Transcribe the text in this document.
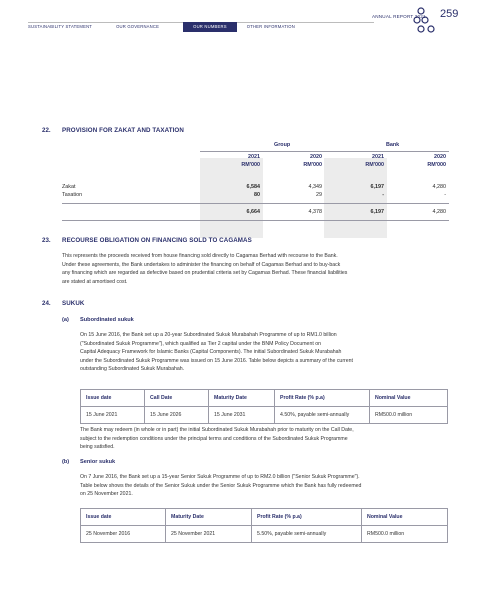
SUSTAINABILITY STATEMENT	OUR GOVERNANCE	OUR NUMBERS	OTHER INFORMATION
ANNUAL REPORT 2021 259
22. PROVISION FOR ZAKAT AND TAXATION
Group	Bank
2021
RM'000
2020
RM'000
2021
RM'000
2020
RM'000
Zakat	6,584	4,349	6,197	4,280
Taxation	80	29	-	-
6,664	4,378	6,197	4,280
23. RECOURSE OBLIGATION ON FINANCING SOLD TO CAGAMAS
This represents the proceeds received from house financing sold directly to Cagamas Berhad with recourse to the Bank.
Under these agreements, the Bank undertakes to administer the financing on behalf of Cagamas Berhad and to buy-back
any financing which are regarded as defective based on prudential criteria set by Cagamas Berhad. These financial liabilities
are stated at amortised cost.
24. SUKUK
(a) Subordinated sukuk
On 15 June 2016, the Bank set up a 20-year Subordinated Sukuk Murabahah Programme of up to RM1.0 billion
("Subordinated Sukuk Programme"), which qualified as Tier 2 capital under the BNM Policy Document on
Capital Adequacy Framework for Islamic Banks (Capital Components). The initial Subordinated Sukuk Murabahah
under the Subordinated Sukuk Programme was issued on 15 June 2016. Table below depicts a summary of the current
outstanding Subordinated Sukuk Murabahah.
Issue date	Call Date	Maturity Date	Profit Rate (% p.a)	Nominal Value
15 June 2021	15 June 2026	15 June 2031	4.50%, payable semi-annually	RM500.0 million
The Bank may redeem (in whole or in part) the initial Subordinated Sukuk Murabahah prior to maturity on the Call Date,
subject to the redemption conditions under the principal terms and conditions of the Subordinated Sukuk Programme
being satisfied.
(b) Senior sukuk
On 7 June 2016, the Bank set up a 15-year Senior Sukuk Programme of up to RM2.0 billion ("Senior Sukuk Programme").
Table below shows the details of the Senior Sukuk under the Senior Sukuk Programme which the Bank has fully redeemed
on 25 November 2021.
Issue date	Maturity Date	Profit Rate (% p.a)	Nominal Value
25 November 2016	25 November 2021	5.50%, payable semi-annually	RM500.0 million
